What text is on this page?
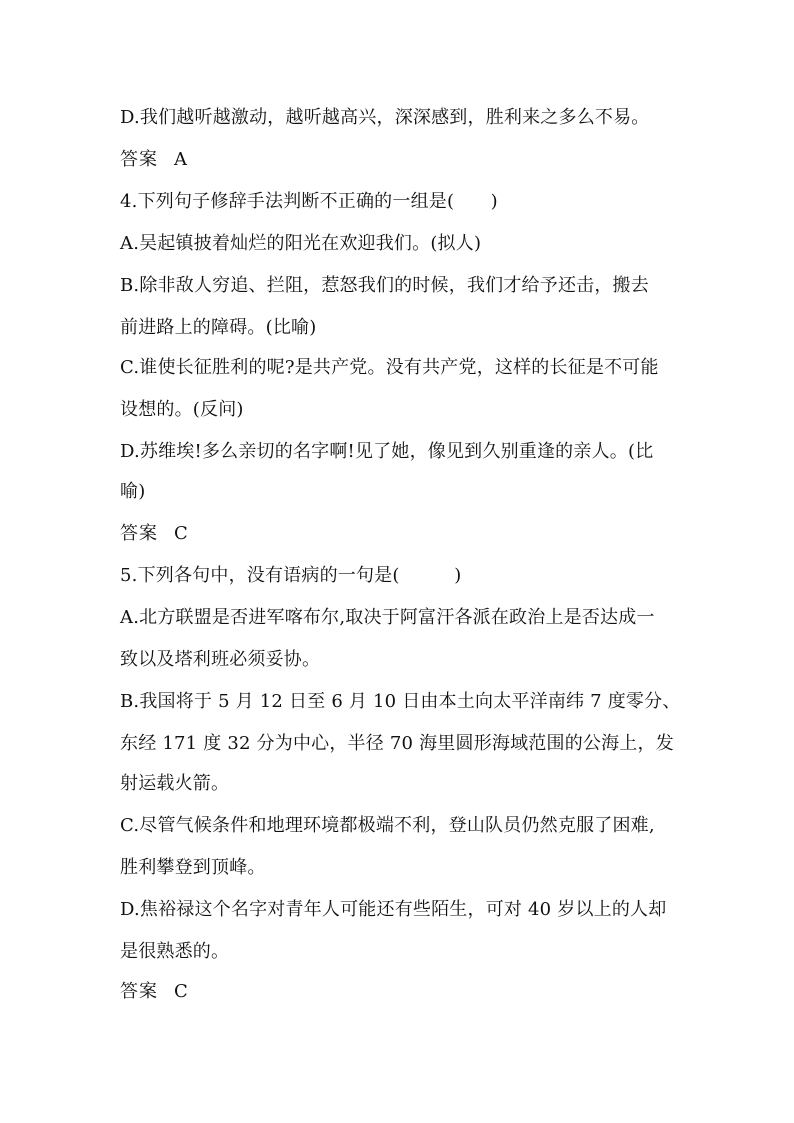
D.我们越听越激动，越听越高兴，深深感到，胜利来之多么不易。
答案 A
4.下列句子修辞手法判断不正确的一组是(　　)
A.吴起镇披着灿烂的阳光在欢迎我们。(拟人)
B.除非敌人穷追、拦阻，惹怒我们的时候，我们才给予还击，搬去
前进路上的障碍。(比喻)
C.谁使长征胜利的呢?是共产党。没有共产党，这样的长征是不可能
设想的。(反问)
D.苏维埃!多么亲切的名字啊!见了她，像见到久别重逢的亲人。(比
喻)
答案 C
5.下列各句中，没有语病的一句是(　　　)
A.北方联盟是否进军喀布尔,取决于阿富汗各派在政治上是否达成一
致以及塔利班必须妥协。
B.我国将于 5 月 12 日至 6 月 10 日由本土向太平洋南纬 7 度零分、
东经 171 度 32 分为中心，半径 70 海里圆形海域范围的公海上，发
射运载火箭。
C.尽管气候条件和地理环境都极端不利，登山队员仍然克服了困难,
胜利攀登到顶峰。
D.焦裕禄这个名字对青年人可能还有些陌生，可对 40 岁以上的人却
是很熟悉的。
答案 C
